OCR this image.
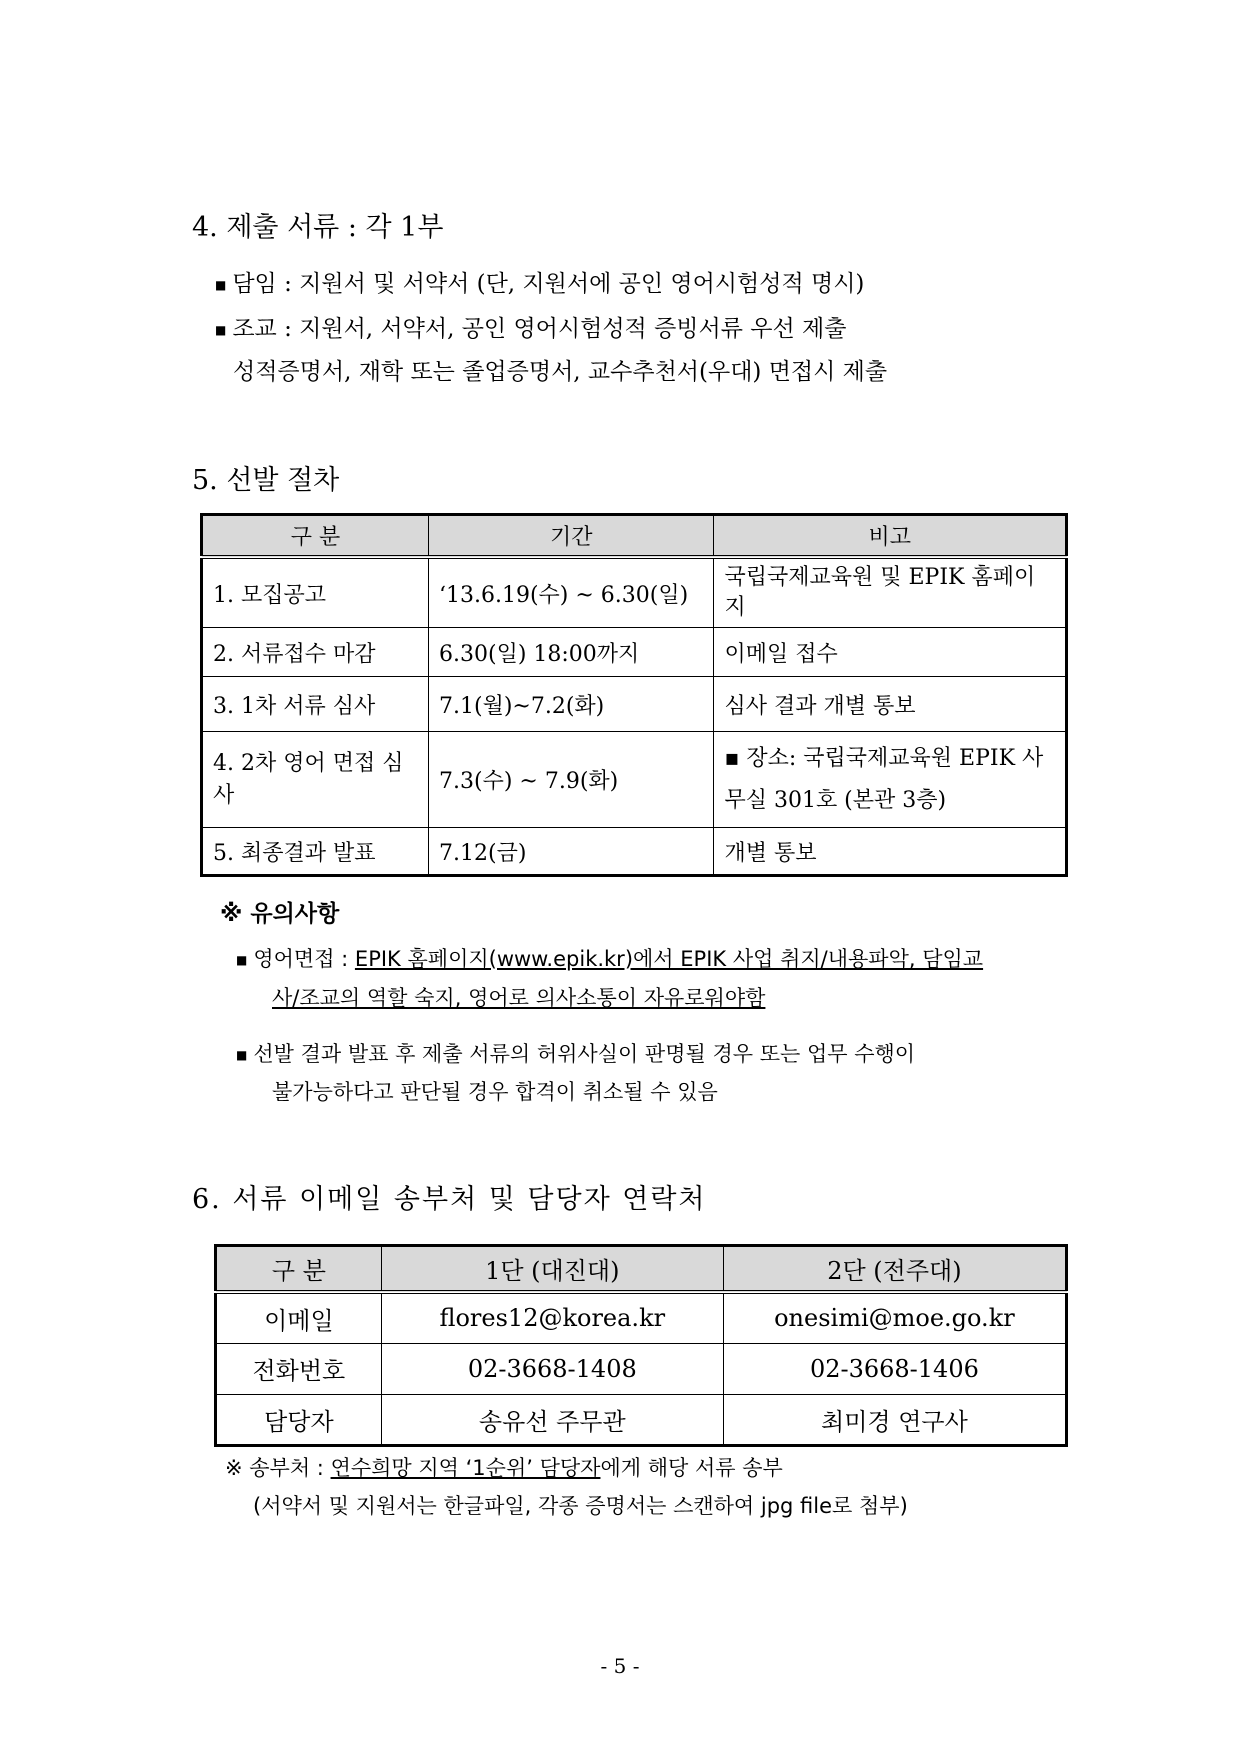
4. 제출 서류 : 각 1부
■ 담임 : 지원서 및 서약서 (단, 지원서에 공인 영어시험성적 명시)
■ 조교 : 지원서, 서약서, 공인 영어시험성적 증빙서류 우선 제출
성적증명서, 재학 또는 졸업증명서, 교수추천서(우대) 면접시 제출
5. 선발 절차
구 분	기간	비고
1. 모집공고	‘13.6.19(수) ~ 6.30(일)	국립국제교육원 및 EPIK 홈페이지
2. 서류접수 마감	6.30(일) 18:00까지	이메일 접수
3. 1차 서류 심사	7.1(월)~7.2(화)	심사 결과 개별 통보
4. 2차 영어 면접 심사	7.3(수) ~ 7.9(화)	▪ 장소: 국립국제교육원 EPIK 사무실 301호 (본관 3층)
5. 최종결과 발표	7.12(금)	개별 통보
※ 유의사항
■ 영어면접 : EPIK 홈페이지(www.epik.kr)에서 EPIK 사업 취지/내용파악, 담임교
사/조교의 역할 숙지, 영어로 의사소통이 자유로워야함
■ 선발 결과 발표 후 제출 서류의 허위사실이 판명될 경우 또는 업무 수행이
불가능하다고 판단될 경우 합격이 취소될 수 있음
6. 서류 이메일 송부처 및 담당자 연락처
구 분	1단 (대진대)	2단 (전주대)
이메일	flores12@korea.kr	onesimi@moe.go.kr
전화번호	02-3668-1408	02-3668-1406
담당자	송유선 주무관	최미경 연구사
※ 송부처 : 연수희망 지역 ‘1순위’ 담당자에게 해당 서류 송부
(서약서 및 지원서는 한글파일, 각종 증명서는 스캔하여 jpg file로 첨부)
- 5 -
